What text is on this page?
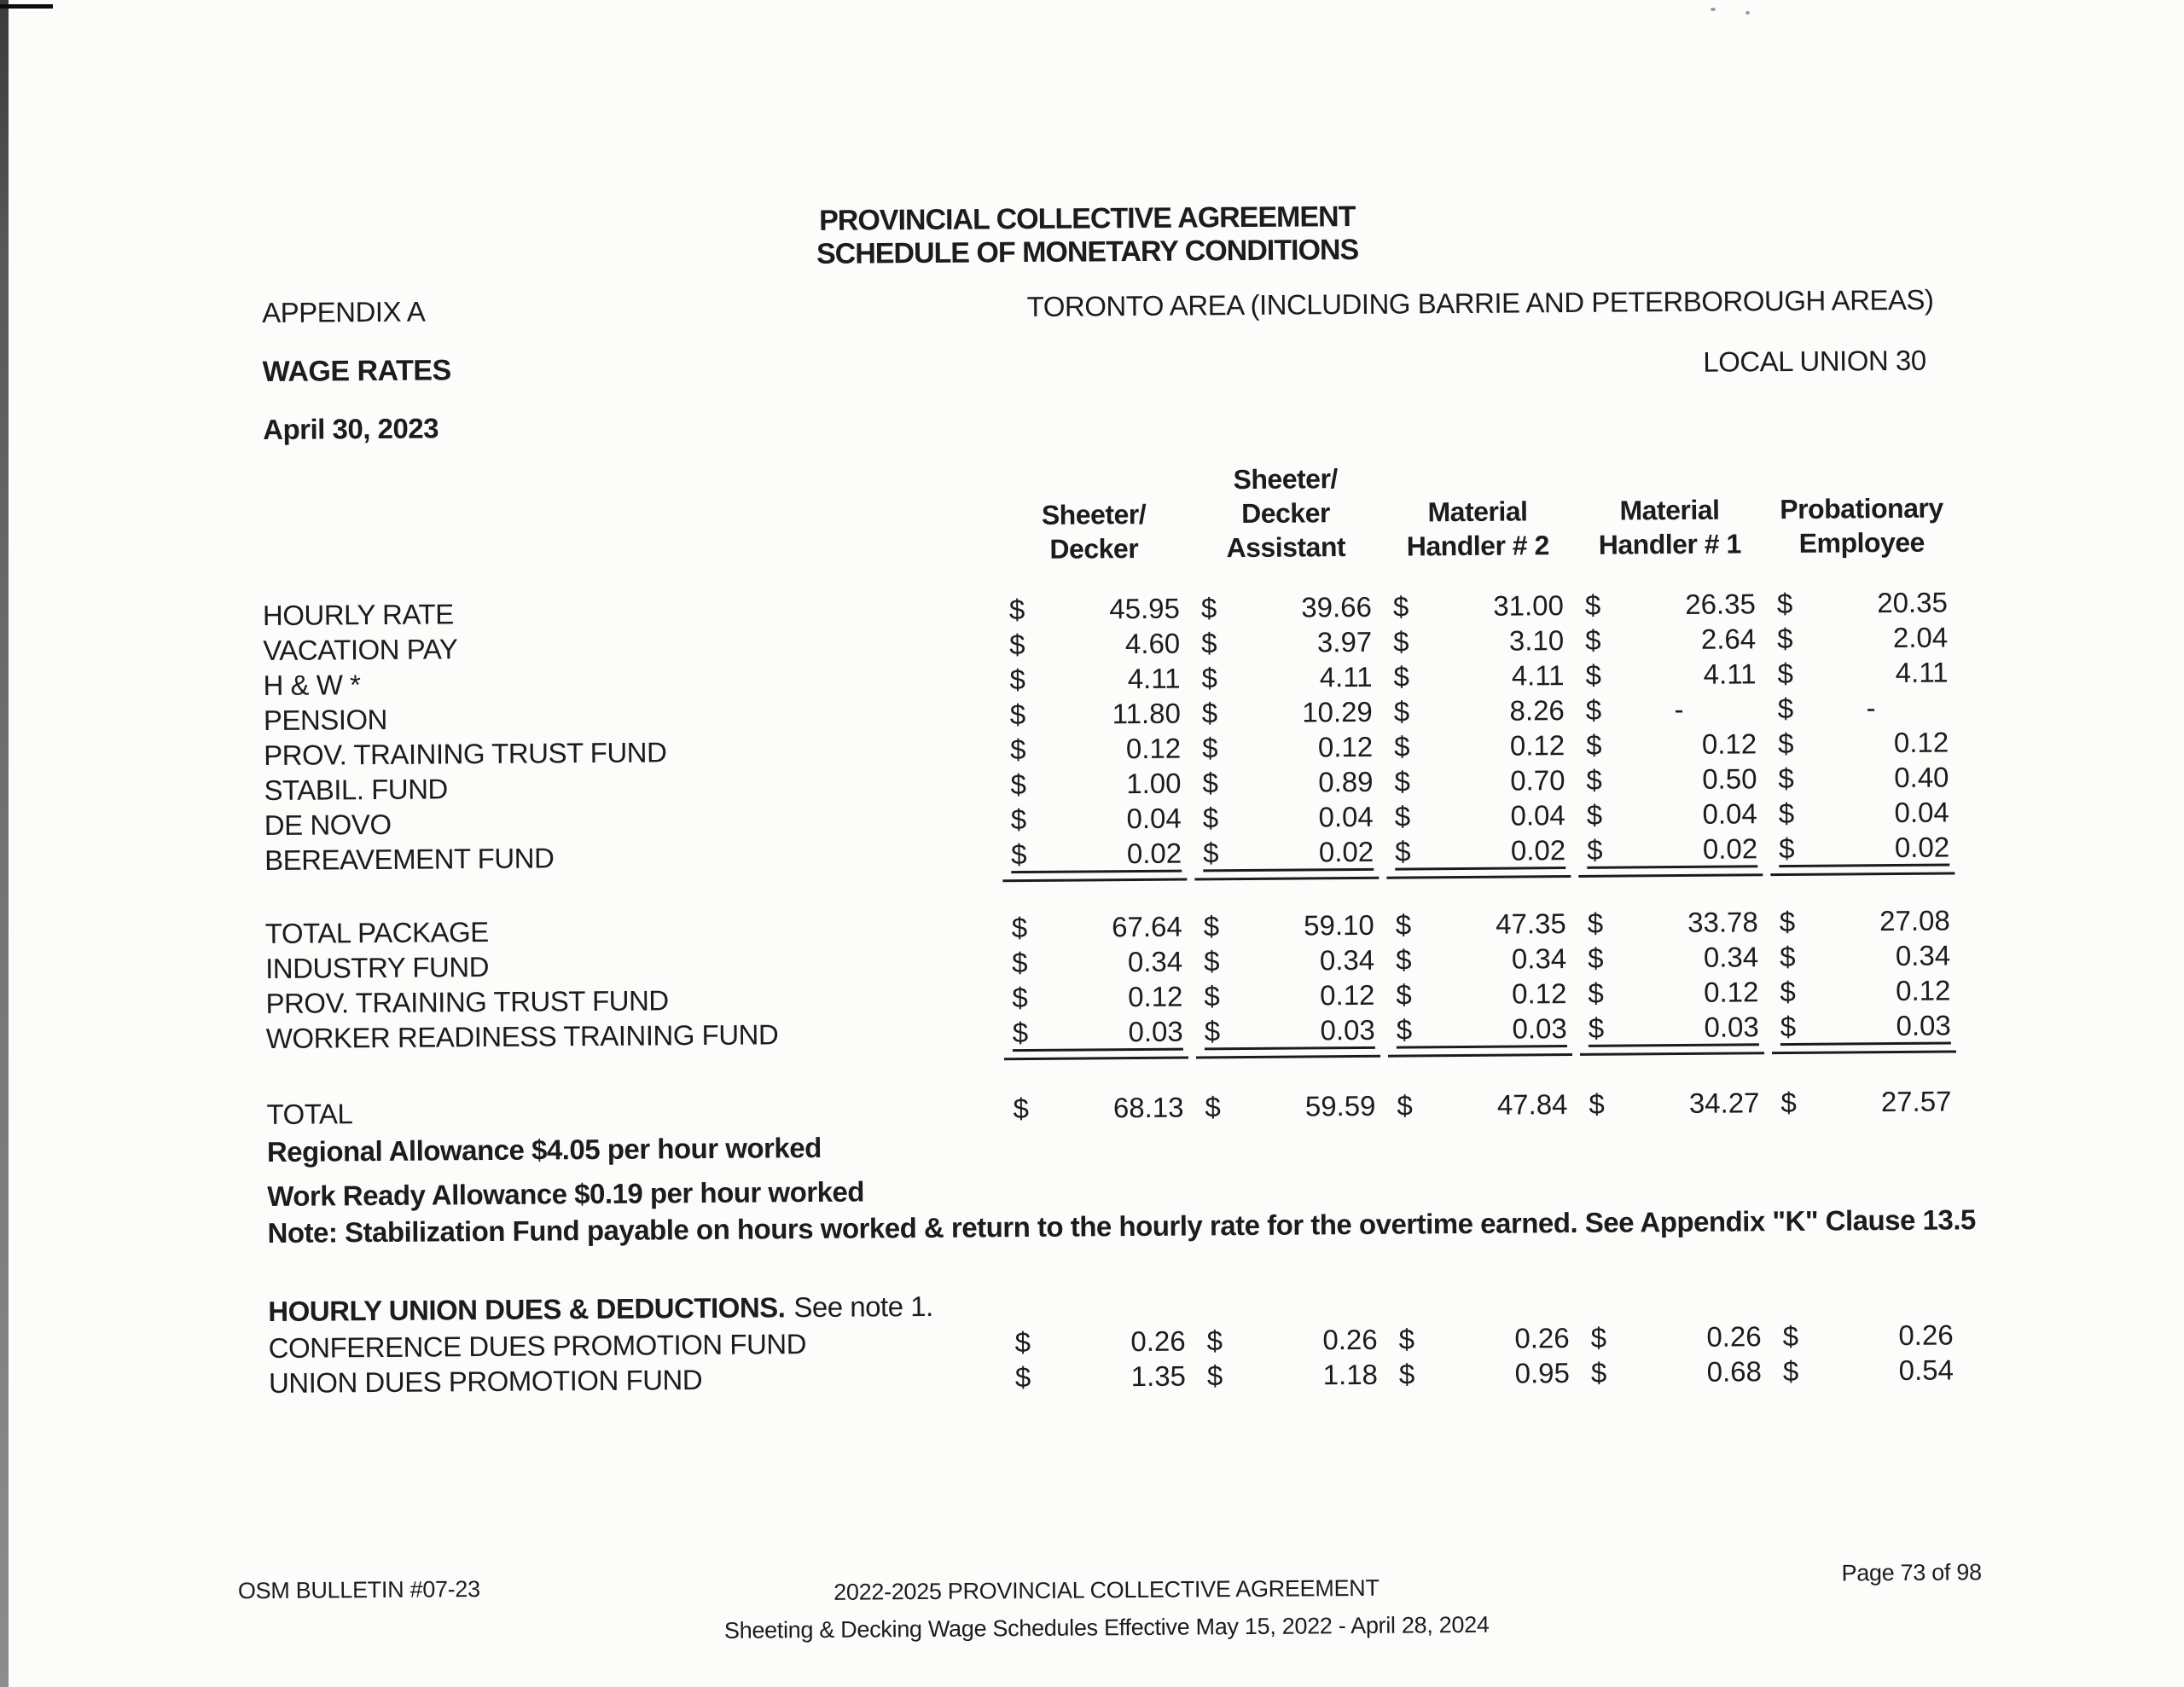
PROVINCIAL COLLECTIVE AGREEMENT
SCHEDULE OF MONETARY CONDITIONS
APPENDIX A	TORONTO AREA (INCLUDING BARRIE AND PETERBOROUGH AREAS)
WAGE RATES	LOCAL UNION 30
April 30, 2023
Sheeter/
Decker
Sheeter/
Decker
Assistant
Material
Handler # 2
Material
Handler # 1
Probationary
Employee
HOURLY RATE	$	45.95 $	39.66 $	31.00 $	26.35 $	20.35
VACATION PAY	$	4.60 $	3.97 $	3.10 $	2.64 $	2.04
H & W *	$	4.11 $	4.11 $	4.11 $	4.11 $	4.11
PENSION	$	11.80 $	10.29 $	8.26 $	-	$	-
PROV. TRAINING TRUST FUND	$	0.12 $	0.12 $	0.12 $	0.12 $	0.12
STABIL. FUND	$	1.00 $	0.89 $	0.70 $	0.50 $	0.40
DE NOVO	$	0.04 $	0.04 $	0.04 $	0.04 $	0.04
BEREAVEMENT FUND	$	0.02 $	0.02 $	0.02 $	0.02 $	0.02
TOTAL PACKAGE	$	67.64 $	59.10 $	47.35 $	33.78 $	27.08
INDUSTRY FUND	$	0.34 $	0.34 $	0.34 $	0.34 $	0.34
PROV. TRAINING TRUST FUND	$	0.12 $	0.12 $	0.12 $	0.12 $	0.12
WORKER READINESS TRAINING FUND	$	0.03 $	0.03 $	0.03 $	0.03 $	0.03
TOTAL	$	68.13 $	59.59 $	47.84 $	34.27 $	27.57
Regional Allowance $4.05 per hour worked
Work Ready Allowance $0.19 per hour worked
Note: Stabilization Fund payable on hours worked & return to the hourly rate for the overtime earned. See Appendix "K" Clause 13.5
HOURLY UNION DUES & DEDUCTIONS. See note 1.
CONFERENCE DUES PROMOTION FUND	$	0.26 $	0.26 $	0.26 $	0.26 $	0.26
UNION DUES PROMOTION FUND	$	1.35 $	1.18 $	0.95 $	0.68 $	0.54
OSM BULLETIN #07-23	2022-2025 PROVINCIAL COLLECTIVE AGREEMENT
Sheeting & Decking Wage Schedules Effective May 15, 2022 - April 28, 2024
Page 73 of 98
